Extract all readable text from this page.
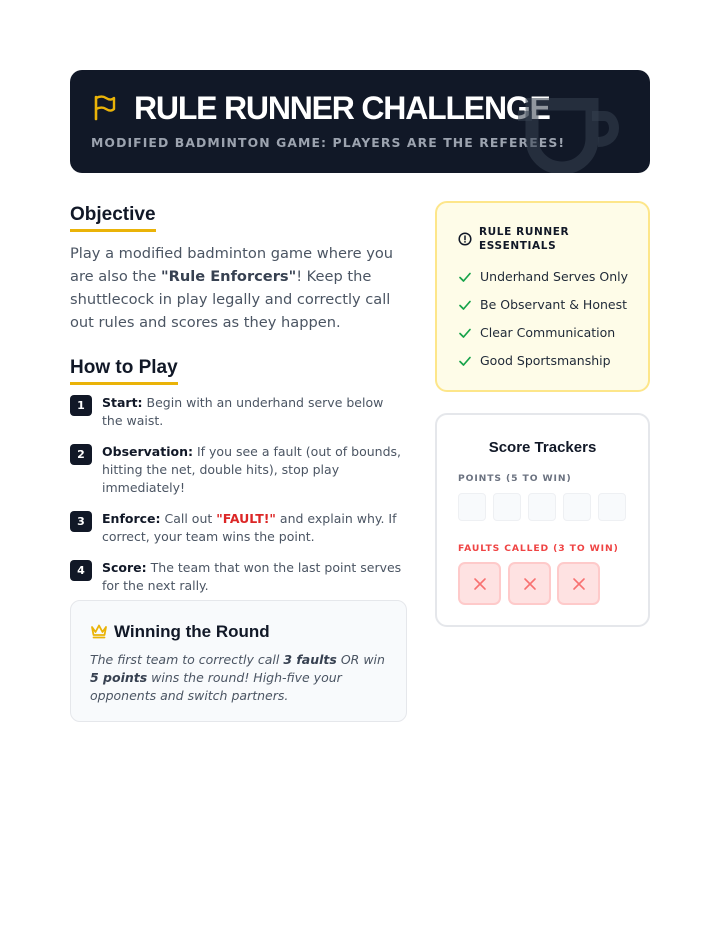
RULE RUNNER CHALLENGE
MODIFIED BADMINTON GAME: PLAYERS ARE THE REFEREES!
Objective
Play a modified badminton game where you are also the "Rule Enforcers"! Keep the shuttlecock in play legally and correctly call out rules and scores as they happen.
How to Play
1	Start: Begin with an underhand serve below the waist.
2	Observation: If you see a fault (out of bounds, hitting the net, double hits), stop play immediately!
3	Enforce: Call out "FAULT!" and explain why. If correct, your team wins the point.
4	Score: The team that won the last point serves for the next rally.
Winning the Round
The first team to correctly call 3 faults OR win 5 points wins the round! High-five your opponents and switch partners.
RULE RUNNER ESSENTIALS
Underhand Serves Only
Be Observant & Honest
Clear Communication
Good Sportsmanship
Score Trackers
POINTS (5 TO WIN)
FAULTS CALLED (3 TO WIN)
